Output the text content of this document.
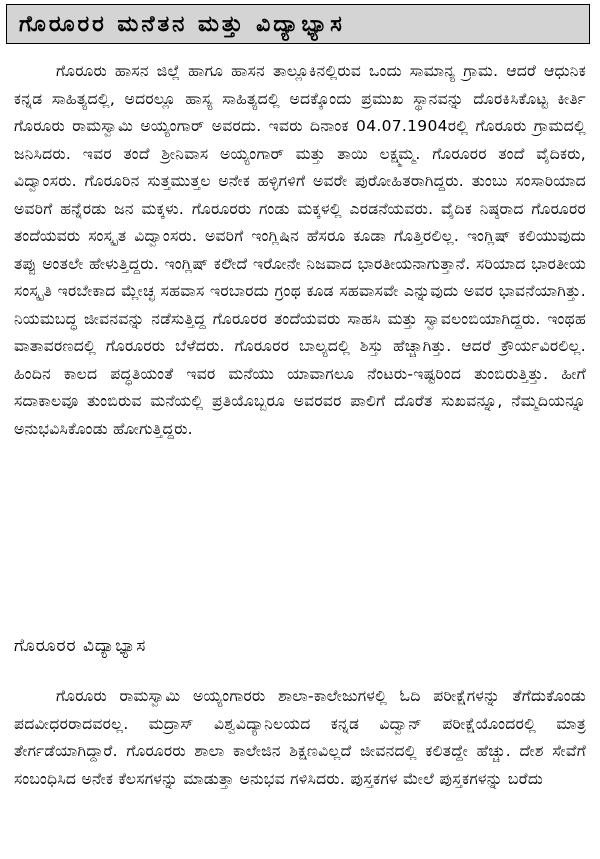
ಗೊರೂರರ ಮನೆತನ ಮತ್ತು ವಿದ್ಯಾಭ್ಯಾಸ

ಗೊರೂರು ಹಾಸನ ಜಿಲ್ಲೆ ಹಾಗೂ ಹಾಸನ ತಾಲ್ಲೂಕಿನಲ್ಲಿರುವ ಒಂದು ಸಾಮಾನ್ಯ ಗ್ರಾಮ. ಆದರೆ ಆಧುನಿಕ ಕನ್ನಡ ಸಾಹಿತ್ಯದಲ್ಲಿ, ಅದರಲ್ಲೂ ಹಾಸ್ಯ ಸಾಹಿತ್ಯದಲ್ಲಿ ಅದಕ್ಕೊಂದು ಪ್ರಮುಖ ಸ್ಥಾನವನ್ನು ದೊರಕಿಸಿಕೊಟ್ಟ ಕೀರ್ತಿ ಗೊರೂರು ರಾಮಸ್ವಾಮಿ ಅಯ್ಯಂಗಾರ್ ಅವರದು. ಇವರು ದಿನಾಂಕ 04.07.1904ರಲ್ಲಿ ಗೊರೂರು ಗ್ರಾಮದಲ್ಲಿ ಜನಿಸಿದರು. ಇವರ ತಂದೆ ಶ್ರೀನಿವಾಸ ಅಯ್ಯಂಗಾರ್ ಮತ್ತು ತಾಯಿ ಲಕ್ಷ್ಮಮ್ಮ. ಗೊರೂರರ ತಂದೆ ವೈದಿಕರು, ವಿದ್ವಾಂಸರು. ಗೊರೂರಿನ ಸುತ್ತಮುತ್ತಲ ಅನೇಕ ಹಳ್ಳಿಗಳಿಗೆ ಅವರೇ ಪುರೋಹಿತರಾಗಿದ್ದರು. ತುಂಬು ಸಂಸಾರಿಯಾದ ಅವರಿಗೆ ಹನ್ನೆರಡು ಜನ ಮಕ್ಕಳು. ಗೊರೂರರು ಗಂಡು ಮಕ್ಕಳಲ್ಲಿ ಎರಡನೆಯವರು. ವೈದಿಕ ನಿಷ್ಠರಾದ ಗೊರೂರರ ತಂದೆಯವರು ಸಂಸ್ಕೃತ ವಿದ್ವಾಂಸರು. ಅವರಿಗೆ ಇಂಗ್ಲಿಷಿನ ಹೆಸರೂ ಕೂಡಾ ಗೊತ್ತಿರಲಿಲ್ಲ. ಇಂಗ್ಲಿಷ್ ಕಲಿಯುವುದು ತಪ್ಪು ಅಂತಲೇ ಹೇಳುತ್ತಿದ್ದರು. ಇಂಗ್ಲಿಷ್ ಕಲಿೇದೆ ಇರೋನೇ ನಿಜವಾದ ಭಾರತೀಯನಾಗುತ್ತಾನೆ. ಸರಿಯಾದ ಭಾರತೀಯ ಸಂಸ್ಕೃತಿ ಇರಬೇಕಾದ ಮ್ಲೇಚ್ಛ ಸಹವಾಸ ಇರಬಾರದು ಗ್ರಂಥ ಕೂಡ ಸಹವಾಸವೇ ಎನ್ನುವುದು ಅವರ ಭಾವನೆಯಾಗಿತ್ತು. ನಿಯಮಬದ್ಧ ಜೀವನವನ್ನು ನಡೆಸುತ್ತಿದ್ದ ಗೊರೂರರ ತಂದೆಯವರು ಸಾಹಸಿ ಮತ್ತು ಸ್ವಾವಲಂಬಿಯಾಗಿದ್ದರು. ಇಂಥಹ ವಾತಾವರಣದಲ್ಲಿ ಗೊರೂರರು ಬೆಳೆದರು. ಗೊರೂರರ ಬಾಲ್ಯದಲ್ಲಿ ಶಿಸ್ತು ಹೆಚ್ಚಾಗಿತ್ತು. ಆದರೆ ಕ್ರೌರ್ಯವಿರಲಿಲ್ಲ. ಹಿಂದಿನ ಕಾಲದ ಪದ್ಧತಿಯಂತೆ ಇವರ ಮನೆಯು ಯಾವಾಗಲೂ ನೆಂಟರು-ಇಷ್ಟರಿಂದ ತುಂಬಿರುತ್ತಿತ್ತು. ಹೀಗೆ ಸದಾಕಾಲವೂ ತುಂಬಿರುವ ಮನೆಯಲ್ಲಿ ಪ್ರತಿಯೊಬ್ಬರೂ ಅವರವರ ಪಾಲಿಗೆ ದೊರೆತ ಸುಖವನ್ನೂ, ನೆಮ್ಮದಿಯನ್ನೂ ಅನುಭವಿಸಿಕೊಂಡು ಹೋಗುತ್ತಿದ್ದರು.

ಗೊರೂರರ ವಿದ್ಯಾಭ್ಯಾಸ

ಗೊರೂರು ರಾಮಸ್ವಾಮಿ ಅಯ್ಯಂಗಾರರು ಶಾಲಾ-ಕಾಲೇಜುಗಳಲ್ಲಿ ಓದಿ ಪರೀಕ್ಷೆಗಳನ್ನು ತೆಗೆದುಕೊಂಡು ಪದವೀಧರರಾದವರಲ್ಲ. ಮದ್ರಾಸ್ ವಿಶ್ವವಿದ್ಯಾನಿಲಯದ ಕನ್ನಡ ವಿದ್ವಾನ್ ಪರೀಕ್ಷೆಯೊಂದರಲ್ಲಿ ಮಾತ್ರ ತೇರ್ಗಡೆಯಾಗಿದ್ದಾರೆ. ಗೊರೂರರು ಶಾಲಾ ಕಾಲೇಜಿನ ಶಿಕ್ಷಣವಿಲ್ಲದೆ ಜೀವನದಲ್ಲಿ ಕಲಿತದ್ದೇ ಹೆಚ್ಚು. ದೇಶ ಸೇವೆಗೆ ಸಂಬಂಧಿಸಿದ ಅನೇಕ ಕೆಲಸಗಳನ್ನು ಮಾಡುತ್ತಾ ಅನುಭವ ಗಳಿಸಿದರು. ಪುಸ್ತಕಗಳ ಮೇಲೆ ಪುಸ್ತಕಗಳನ್ನು ಬರೆದು
